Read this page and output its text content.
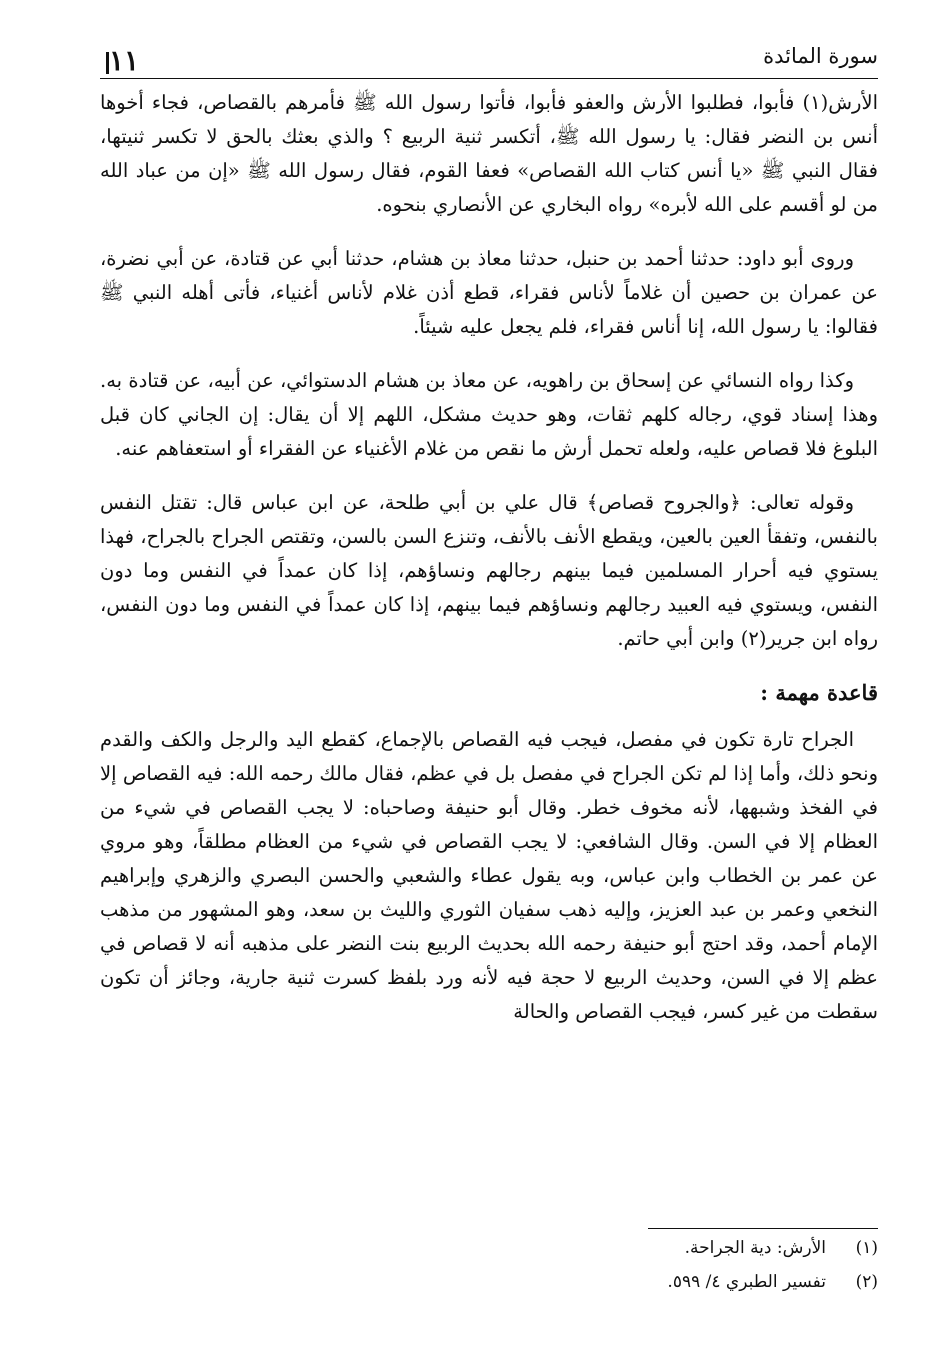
سورة المائدة
١١

الأرش(١) فأبوا، فطلبوا الأرش والعفو فأبوا، فأتوا رسول الله ﷺ فأمرهم بالقصاص، فجاء أخوها أنس بن النضر فقال: يا رسول الله ﷺ، أتكسر ثنية الربيع ؟ والذي بعثك بالحق لا تكسر ثنيتها، فقال النبي ﷺ «يا أنس كتاب الله القصاص» فعفا القوم، فقال رسول الله ﷺ «إن من عباد الله من لو أقسم على الله لأبره» رواه البخاري عن الأنصاري بنحوه.

وروى أبو داود: حدثنا أحمد بن حنبل، حدثنا معاذ بن هشام، حدثنا أبي عن قتادة، عن أبي نضرة، عن عمران بن حصين أن غلاماً لأناس فقراء، قطع أذن غلام لأناس أغنياء، فأتى أهله النبي ﷺ فقالوا: يا رسول الله، إنا أناس فقراء، فلم يجعل عليه شيئاً.

وكذا رواه النسائي عن إسحاق بن راهويه، عن معاذ بن هشام الدستوائي، عن أبيه، عن قتادة به. وهذا إسناد قوي، رجاله كلهم ثقات، وهو حديث مشكل، اللهم إلا أن يقال: إن الجاني كان قبل البلوغ فلا قصاص عليه، ولعله تحمل أرش ما نقص من غلام الأغنياء عن الفقراء أو استعفاهم عنه.

وقوله تعالى: ﴿والجروح قصاص﴾ قال علي بن أبي طلحة، عن ابن عباس قال: تقتل النفس بالنفس، وتفقأ العين بالعين، ويقطع الأنف بالأنف، وتنزع السن بالسن، وتقتص الجراح بالجراح، فهذا يستوي فيه أحرار المسلمين فيما بينهم رجالهم ونساؤهم، إذا كان عمداً في النفس وما دون النفس، ويستوي فيه العبيد رجالهم ونساؤهم فيما بينهم، إذا كان عمداً في النفس وما دون النفس، رواه ابن جرير(٢) وابن أبي حاتم.

قاعدة مهمة :

الجراح تارة تكون في مفصل، فيجب فيه القصاص بالإجماع، كقطع اليد والرجل والكف والقدم ونحو ذلك، وأما إذا لم تكن الجراح في مفصل بل في عظم، فقال مالك رحمه الله: فيه القصاص إلا في الفخذ وشبهها، لأنه مخوف خطر. وقال أبو حنيفة وصاحباه: لا يجب القصاص في شيء من العظام إلا في السن. وقال الشافعي: لا يجب القصاص في شيء من العظام مطلقاً، وهو مروي عن عمر بن الخطاب وابن عباس، وبه يقول عطاء والشعبي والحسن البصري والزهري وإبراهيم النخعي وعمر بن عبد العزيز، وإليه ذهب سفيان الثوري والليث بن سعد، وهو المشهور من مذهب الإمام أحمد، وقد احتج أبو حنيفة رحمه الله بحديث الربيع بنت النضر على مذهبه أنه لا قصاص في عظم إلا في السن، وحديث الربيع لا حجة فيه لأنه ورد بلفظ كسرت ثنية جارية، وجائز أن تكون سقطت من غير كسر، فيجب القصاص والحالة

(١)الأرش: دية الجراحة.
(٢)تفسير الطبري ٤/ ٥٩٩.
